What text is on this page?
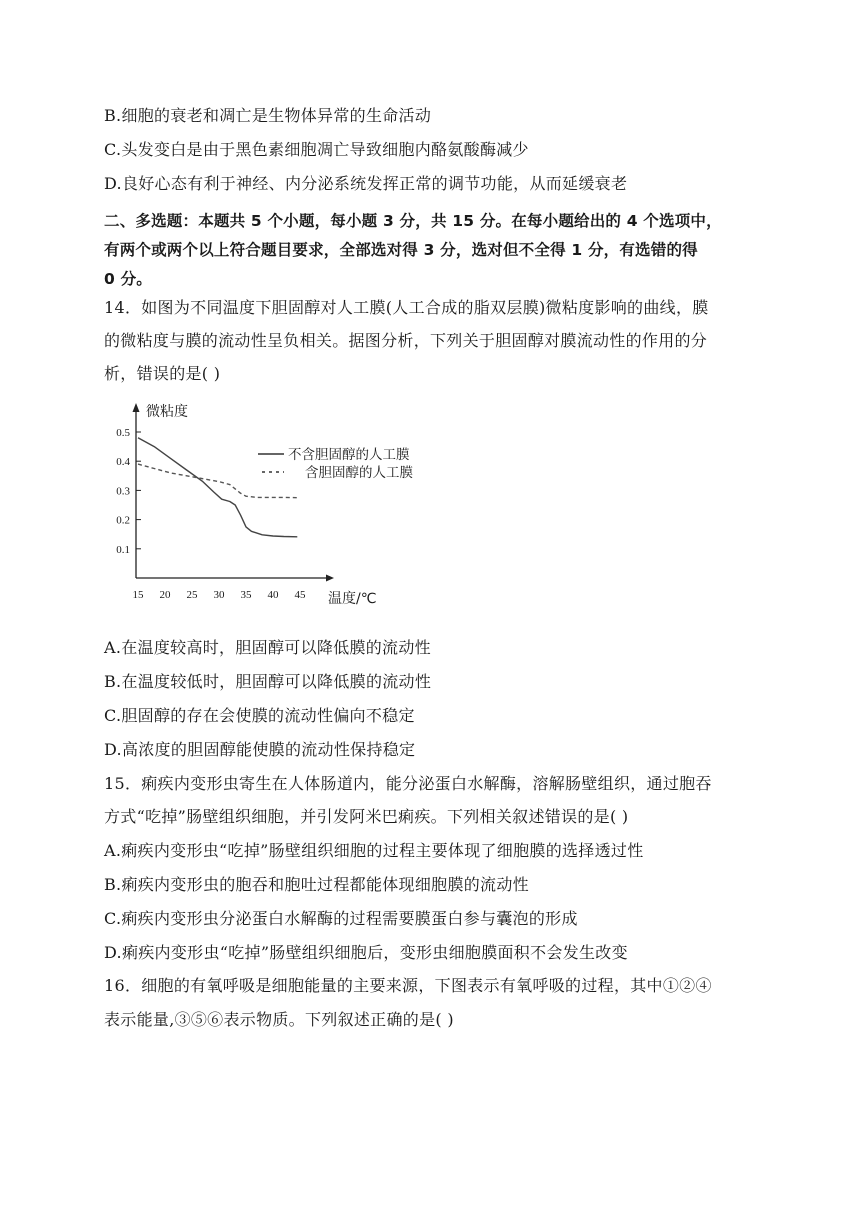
B.细胞的衰老和凋亡是生物体异常的生命活动
C.头发变白是由于黑色素细胞凋亡导致细胞内酪氨酸酶减少
D.良好心态有利于神经、内分泌系统发挥正常的调节功能，从而延缓衰老
二、多选题：本题共 5 个小题，每小题 3 分，共 15 分。在每小题给出的 4 个选项中，
有两个或两个以上符合题目要求，全部选对得 3 分，选对但不全得 1 分，有选错的得
0 分。
14．如图为不同温度下胆固醇对人工膜(人工合成的脂双层膜)微粘度影响的曲线，膜
的微粘度与膜的流动性呈负相关。据图分析，下列关于胆固醇对膜流动性的作用的分
析，错误的是( )
0.1
0.2
0.3
0.4
0.5
15 20 25 30 35 40 45
不含胆固醇的人工膜
含胆固醇的人工膜
微粘度
温度/℃
A.在温度较高时，胆固醇可以降低膜的流动性
B.在温度较低时，胆固醇可以降低膜的流动性
C.胆固醇的存在会使膜的流动性偏向不稳定
D.高浓度的胆固醇能使膜的流动性保持稳定
15．痢疾内变形虫寄生在人体肠道内，能分泌蛋白水解酶，溶解肠壁组织，通过胞吞
方式“吃掉”肠壁组织细胞，并引发阿米巴痢疾。下列相关叙述错误的是( )
A.痢疾内变形虫“吃掉”肠壁组织细胞的过程主要体现了细胞膜的选择透过性
B.痢疾内变形虫的胞吞和胞吐过程都能体现细胞膜的流动性
C.痢疾内变形虫分泌蛋白水解酶的过程需要膜蛋白参与囊泡的形成
D.痢疾内变形虫“吃掉”肠壁组织细胞后，变形虫细胞膜面积不会发生改变
16．细胞的有氧呼吸是细胞能量的主要来源，下图表示有氧呼吸的过程，其中①②④
表示能量,③⑤⑥表示物质。下列叙述正确的是( )
